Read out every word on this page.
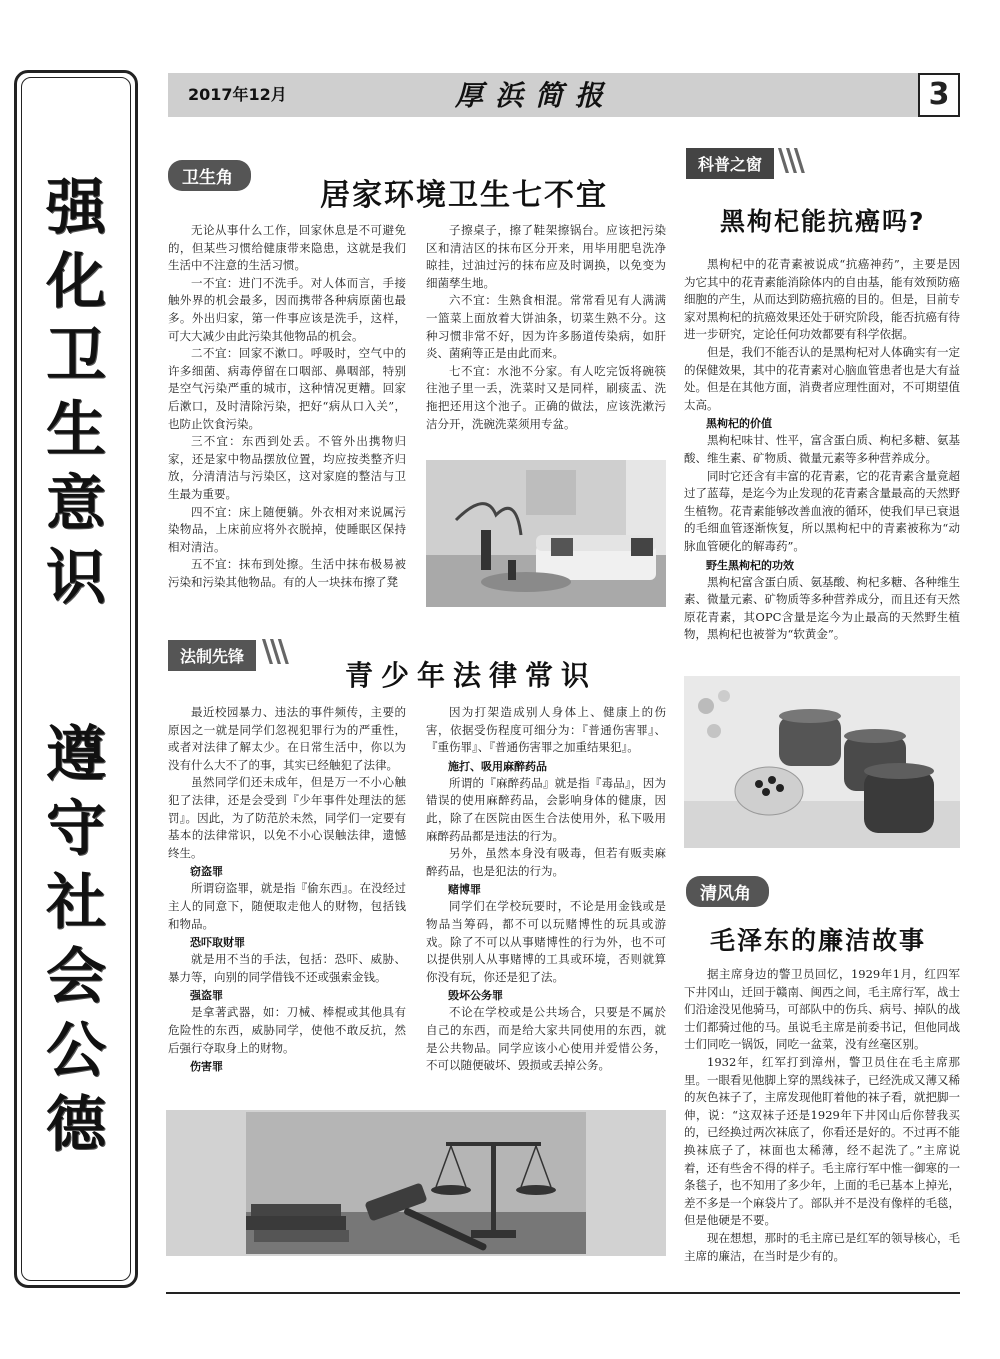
强
化
卫
生
意
识
遵
守
社
会
公
德
2017年12月	厚浜简报	3
卫生角	居家环境卫生七不宜

无论从事什么工作，回家休息是不可避免的，但某些习惯给健康带来隐患，这就是我们生活中不注意的生活习惯。

一不宜：进门不洗手。对人体而言，手接触外界的机会最多，因而携带各种病原菌也最多。外出归家，第一件事应该是洗手，这样，可大大减少由此污染其他物品的机会。

二不宜：回家不漱口。呼吸时，空气中的许多细菌、病毒停留在口咽部、鼻咽部，特别是空气污染严重的城市，这种情况更糟。回家后漱口，及时清除污染，把好“病从口入关”，也防止饮食污染。

三不宜：东西到处丢。不管外出携物归家，还是家中物品摆放位置，均应按类整齐归放，分清清洁与污染区，这对家庭的整洁与卫生最为重要。

四不宜：床上随便躺。外衣相对来说属污染物品，上床前应将外衣脱掉，使睡眠区保持相对清洁。

五不宜：抹布到处擦。生活中抹布极易被污染和污染其他物品。有的人一块抹布擦了凳

子擦桌子，擦了鞋架擦锅台。应该把污染区和清洁区的抹布区分开来，用毕用肥皂洗净晾挂，过油过污的抹布应及时调换，以免变为细菌孳生地。

六不宜：生熟食相混。常常看见有人满满一篮菜上面放着大饼油条，切菜生熟不分。这种习惯非常不好，因为许多肠道传染病，如肝炎、菌痢等正是由此而来。

七不宜：水池不分家。有人吃完饭将碗筷往池子里一丢，洗菜时又是同样，刷痰盂、洗拖把还用这个池子。正确的做法，应该洗漱污洁分开，洗碗洗菜须用专盆。

法制先锋 \\\
青少年法律常识

最近校园暴力、违法的事件频传，主要的原因之一就是同学们忽视犯罪行为的严重性，或者对法律了解太少。在日常生活中，你以为没有什么大不了的事，其实已经触犯了法律。

虽然同学们还未成年，但是万一不小心触犯了法律，还是会受到『少年事件处理法的惩罚』。因此，为了防范於未然，同学们一定要有基本的法律常识，以免不小心误触法律，遗憾终生。

窃盗罪

所谓窃盗罪，就是指『偷东西』。在没经过主人的同意下，随便取走他人的财物，包括钱和物品。

恐吓取财罪

就是用不当的手法，包括：恐吓、威胁、暴力等，向别的同学借钱不还或强索金钱。

强盗罪

是拿著武器，如：刀械、棒棍或其他具有危险性的东西，威胁同学，使他不敢反抗，然后强行夺取身上的财物。

伤害罪

因为打架造成别人身体上、健康上的伤害，依据受伤程度可细分为：『普通伤害罪』、『重伤罪』、『普通伤害罪之加重结果犯』。

施打、吸用麻醉药品

所谓的『麻醉药品』就是指『毒品』，因为错误的使用麻醉药品，会影响身体的健康，因此，除了在医院由医生合法使用外，私下吸用麻醉药品都是违法的行为。

另外，虽然本身没有吸毒，但若有贩卖麻醉药品，也是犯法的行为。

赌博罪

同学们在学校玩要时，不论是用金钱或是物品当筹码，都不可以玩赌博性的玩具或游戏。除了不可以从事赌博性的行为外，也不可以提供别人从事赌博的工具或环境，否则就算你没有玩，你还是犯了法。

毁坏公务罪

不论在学校或是公共场合，只要是不属於自己的东西，而是给大家共同使用的东西，就是公共物品。同学应该小心使用并爱惜公务，不可以随便破坏、毁损或丢掉公务。

科普之窗 \\\
黑枸杞能抗癌吗?

黑枸杞中的花青素被说成“抗癌神药”，主要是因为它其中的花青素能消除体内的自由基，能有效预防癌细胞的产生，从而达到防癌抗癌的目的。但是，目前专家对黑枸杞的抗癌效果还处于研究阶段，能否抗癌有待进一步研究，定论任何功效都要有科学依据。

但是，我们不能否认的是黑枸杞对人体确实有一定的保健效果，其中的花青素对心脑血管患者也是大有益处。但是在其他方面，消费者应理性面对，不可期望值太高。

黑枸杞的价值

黑枸杞味甘、性平，富含蛋白质、枸杞多糖、氨基酸、维生素、矿物质、微量元素等多种营养成分。

同时它还含有丰富的花青素，它的花青素含量竟超过了蓝莓，是迄今为止发现的花青素含量最高的天然野生植物。花青素能够改善血液的循环，使我们早已衰退的毛细血管逐渐恢复，所以黑枸杞中的青素被称为“动脉血管硬化的解毒药”。

野生黑枸杞的功效

黑枸杞富含蛋白质、氨基酸、枸杞多糖、各种维生素、微量元素、矿物质等多种营养成分，而且还有天然原花青素，其OPC含量是迄今为止最高的天然野生植物，黑枸杞也被誉为“软黄金”。

清风角
毛泽东的廉洁故事

据主席身边的警卫员回忆，1929年1月，红四军下井冈山，迁回于赣南、闽西之间，毛主席行军，战士们沿途没见他骑马，可部队中的伤兵、病号、掉队的战士们都骑过他的马。虽说毛主席是前委书记，但他同战士们同吃一锅饭，同吃一盆菜，没有丝毫区别。

1932年，红军打到漳州，警卫员住在毛主席那里。一眼看见他脚上穿的黑线袜子，已经洗成又薄又稀的灰色袜子了，主席发现他盯着他的袜子看，就把脚一伸，说：“这双袜子还是1929年下井冈山后你替我买的，已经换过两次袜底了，你看还是好的。不过再不能换袜底子了，袜面也太稀薄，经不起洗了。”主席说着，还有些舍不得的样子。毛主席行军中惟一御寒的一条毯子，也不知用了多少年，上面的毛已基本上掉光，差不多是一个麻袋片了。部队并不是没有像样的毛毯，但是他硬是不要。

现在想想，那时的毛主席已是红军的领导核心，毛主席的廉洁，在当时是少有的。
